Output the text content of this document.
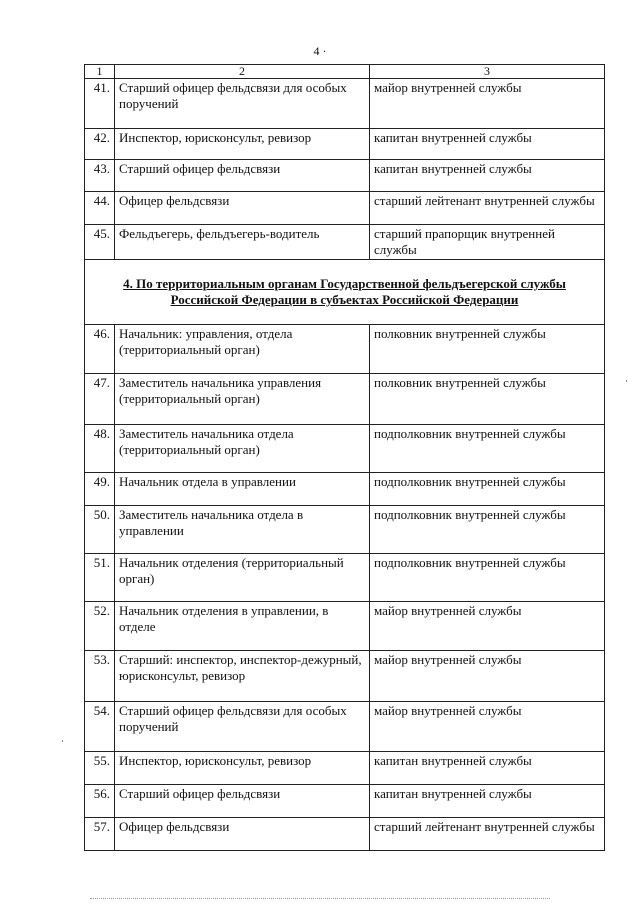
4 ·
1	2	3
41.	Старший офицер фельдсвязи для особых поручений	майор внутренней службы
42.	Инспектор, юрисконсульт, ревизор	капитан внутренней службы
43.	Старший офицер фельдсвязи	капитан внутренней службы
44.	Офицер фельдсвязи	старший лейтенант внутренней службы
45.	Фельдъегерь, фельдъегерь-водитель	старший прапорщик внутренней службы
4. По территориальным органам Государственной фельдъегерской службы Российской Федерации в субъектах Российской Федерации		
46.	Начальник: управления, отдела (территориальный орган)	полковник внутренней службы
47.	Заместитель начальника управления (территориальный орган)	полковник внутренней службы
48.	Заместитель начальника отдела (территориальный орган)	подполковник внутренней службы
49.	Начальник отдела в управлении	подполковник внутренней службы
50.	Заместитель начальника отдела в управлении	подполковник внутренней службы
51.	Начальник отделения (территориальный орган)	подполковник внутренней службы
52.	Начальник отделения в управлении, в отделе	майор внутренней службы
53.	Старший: инспектор, инспектор-дежурный, юрисконсульт, ревизор	майор внутренней службы
54.	Старший офицер фельдсвязи для особых поручений	майор внутренней службы
55.	Инспектор, юрисконсульт, ревизор	капитан внутренней службы
56.	Старший офицер фельдсвязи	капитан внутренней службы
57.	Офицер фельдсвязи	старший лейтенант внутренней службы
